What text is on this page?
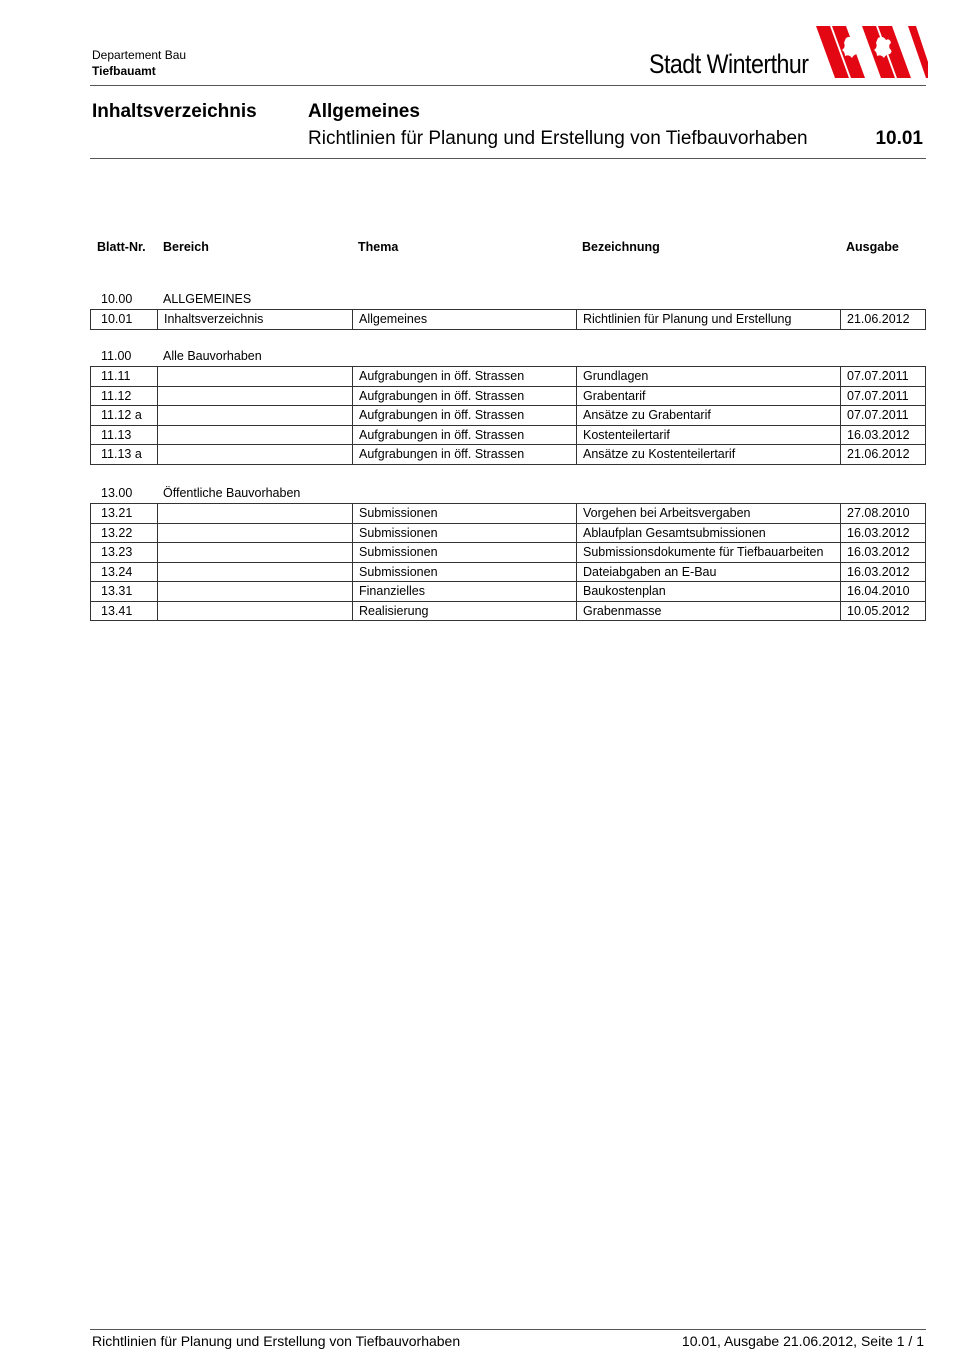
Departement Bau
Tiefbauamt	Stadt Winterthur
Inhaltsverzeichnis	Allgemeines
Richtlinien für Planung und Erstellung von Tiefbauvorhaben	10.01
Blatt-Nr. Bereich	Thema	Bezeichnung	Ausgabe
10.00 ALLGEMEINES
10.01	Inhaltsverzeichnis	Allgemeines	Richtlinien für Planung und Erstellung	21.06.2012
11.00	Alle Bauvorhaben
11.11		Aufgrabungen in öff. Strassen	Grundlagen	07.07.2011
11.12		Aufgrabungen in öff. Strassen	Grabentarif	07.07.2011
11.12 a		Aufgrabungen in öff. Strassen	Ansätze zu Grabentarif	07.07.2011
11.13		Aufgrabungen in öff. Strassen	Kostenteilertarif	16.03.2012
11.13 a		Aufgrabungen in öff. Strassen	Ansätze zu Kostenteilertarif	21.06.2012
13.00 Öffentliche Bauvorhaben
13.21		Submissionen	Vorgehen bei Arbeitsvergaben	27.08.2010
13.22		Submissionen	Ablaufplan Gesamtsubmissionen	16.03.2012
13.23		Submissionen	Submissionsdokumente für Tiefbauarbeiten	16.03.2012
13.24		Submissionen	Dateiabgaben an E-Bau	16.03.2012
13.31		Finanzielles	Baukostenplan	16.04.2010
13.41		Realisierung	Grabenmasse	10.05.2012
Richtlinien für Planung und Erstellung von Tiefbauvorhaben	10.01, Ausgabe 21.06.2012, Seite 1 / 1
